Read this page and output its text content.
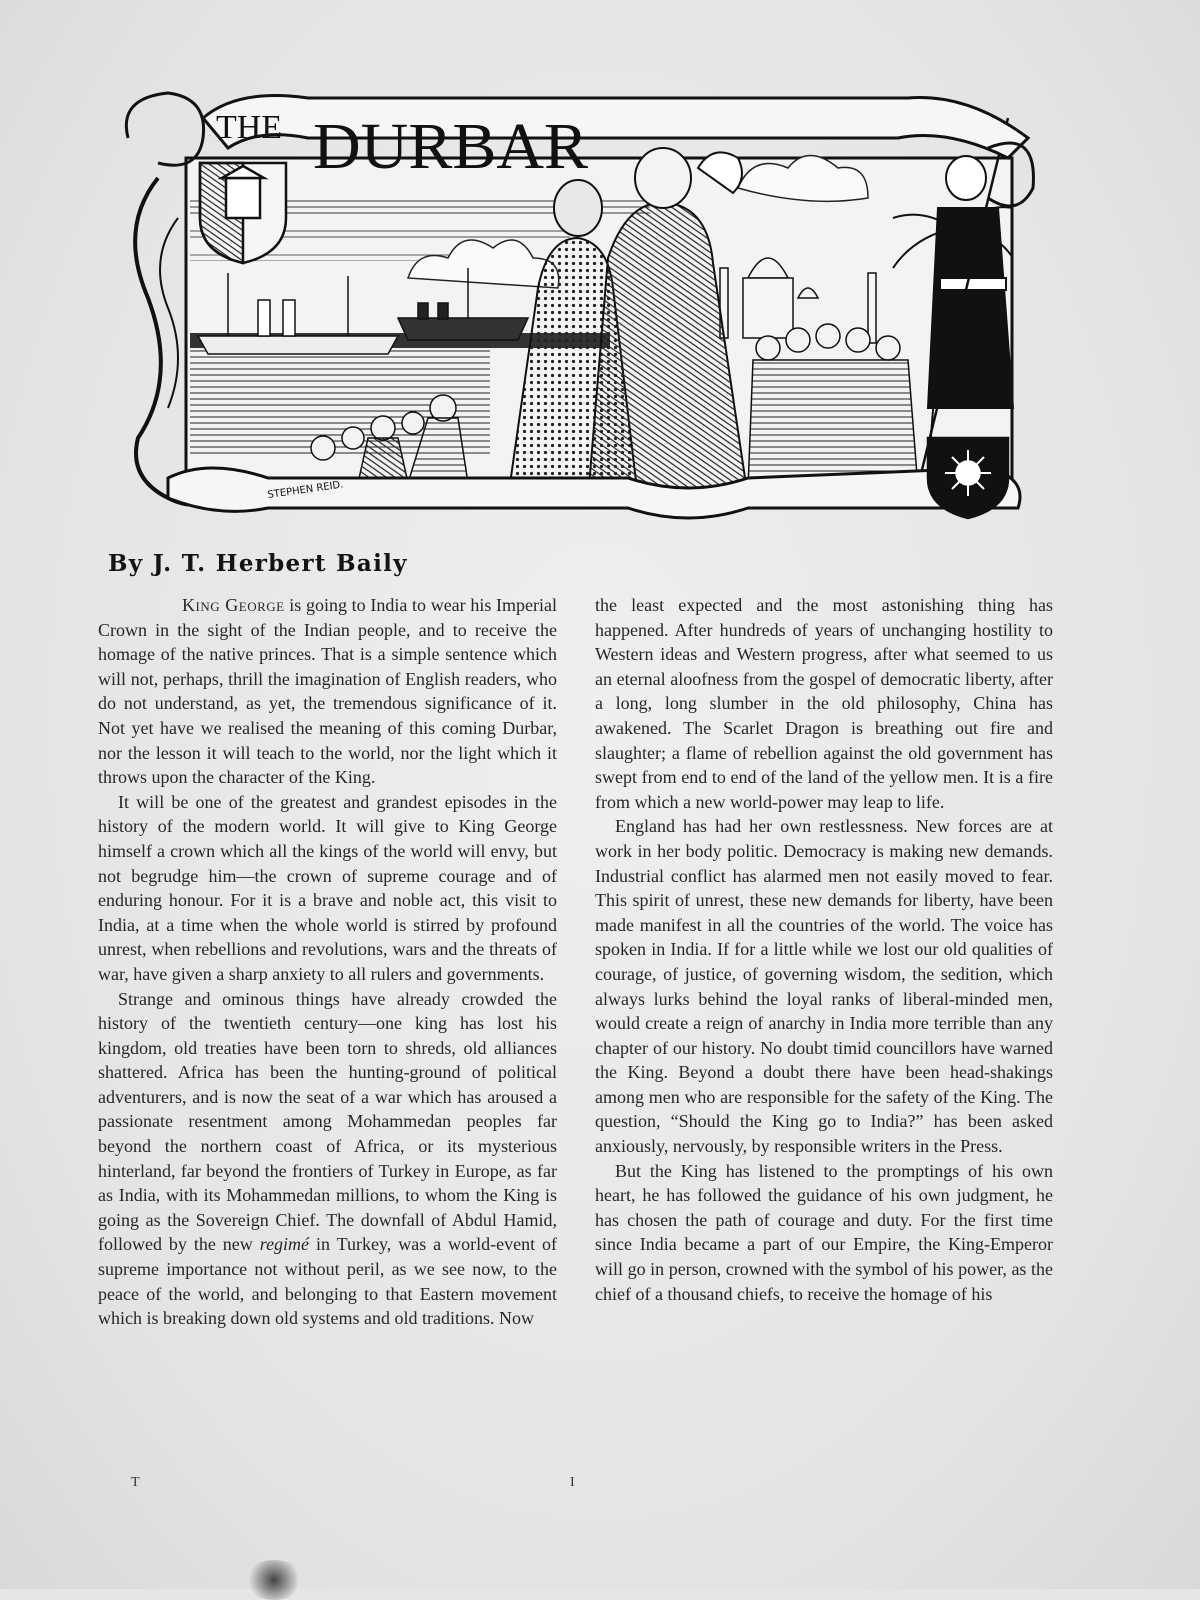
THE DURBAR
STEPHEN REID.
By J. T. Herbert Baily

King George is going to India to wear his Imperial Crown in the sight of the Indian people, and to receive the homage of the native princes. That is a simple sentence which will not, perhaps, thrill the imagination of English readers, who do not understand, as yet, the tremendous significance of it. Not yet have we realised the meaning of this coming Durbar, nor the lesson it will teach to the world, nor the light which it throws upon the character of the King.

It will be one of the greatest and grandest episodes in the history of the modern world. It will give to King George himself a crown which all the kings of the world will envy, but not begrudge him—the crown of supreme courage and of enduring honour. For it is a brave and noble act, this visit to India, at a time when the whole world is stirred by profound unrest, when rebellions and revolutions, wars and the threats of war, have given a sharp anxiety to all rulers and governments.

Strange and ominous things have already crowded the history of the twentieth century—one king has lost his kingdom, old treaties have been torn to shreds, old alliances shattered. Africa has been the hunting-ground of political adventurers, and is now the seat of a war which has aroused a passionate resentment among Mohammedan peoples far beyond the northern coast of Africa, or its mysterious hinterland, far beyond the frontiers of Turkey in Europe, as far as India, with its Mohammedan millions, to whom the King is going as the Sovereign Chief. The downfall of Abdul Hamid, followed by the new regimé in Turkey, was a world-event of supreme importance not without peril, as we see now, to the peace of the world, and belonging to that Eastern movement which is breaking down old systems and old traditions. Now

the least expected and the most astonishing thing has happened. After hundreds of years of unchanging hostility to Western ideas and Western progress, after what seemed to us an eternal aloofness from the gospel of democratic liberty, after a long, long slumber in the old philosophy, China has awakened. The Scarlet Dragon is breathing out fire and slaughter; a flame of rebellion against the old government has swept from end to end of the land of the yellow men. It is a fire from which a new world-power may leap to life.

England has had her own restlessness. New forces are at work in her body politic. Democracy is making new demands. Industrial conflict has alarmed men not easily moved to fear. This spirit of unrest, these new demands for liberty, have been made manifest in all the countries of the world. The voice has spoken in India. If for a little while we lost our old qualities of courage, of justice, of governing wisdom, the sedition, which always lurks behind the loyal ranks of liberal-minded men, would create a reign of anarchy in India more terrible than any chapter of our history. No doubt timid councillors have warned the King. Beyond a doubt there have been head-shakings among men who are responsible for the safety of the King. The question, “Should the King go to India?” has been asked anxiously, nervously, by responsible writers in the Press.

But the King has listened to the promptings of his own heart, he has followed the guidance of his own judgment, he has chosen the path of courage and duty. For the first time since India became a part of our Empire, the King-Emperor will go in person, crowned with the symbol of his power, as the chief of a thousand chiefs, to receive the homage of his

T	I
